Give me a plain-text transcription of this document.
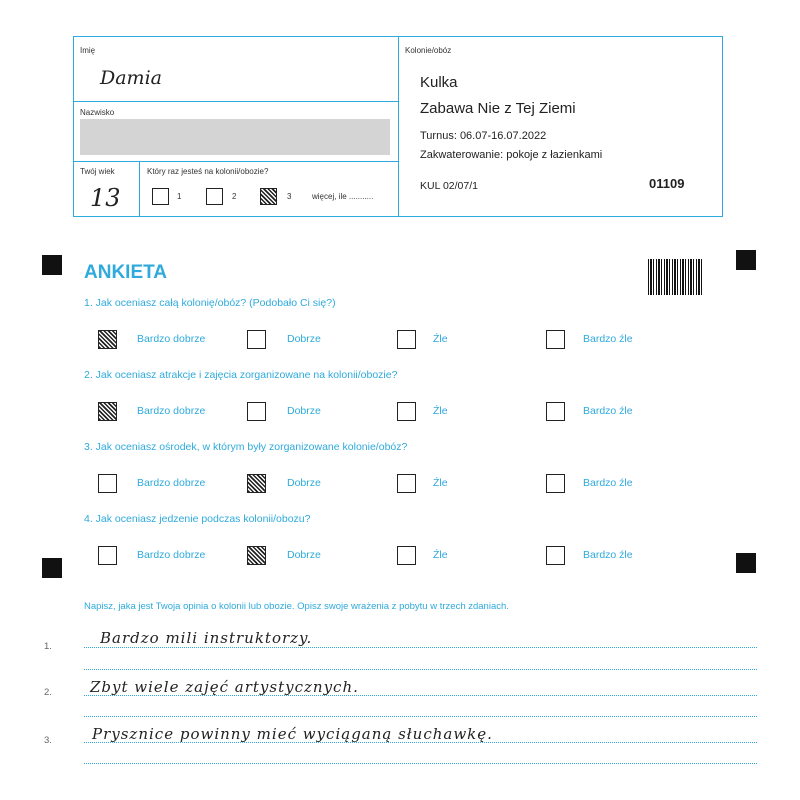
Imię
Damia
Nazwisko
Twój wiek
13
Który raz jesteś na kolonii/obozie?
1	2	3	więcej, ile ...........
Kolonie/obóz
Kulka
Zabawa Nie z Tej Ziemi
Turnus: 06.07-16.07.2022
Zakwaterowanie: pokoje z łazienkami
KUL 02/07/1	01109
ANKIETA
1. Jak oceniasz całą kolonię/obóz? (Podobało Ci się?)
Bardzo dobrze	Dobrze	Źle	Bardzo źle
2. Jak oceniasz atrakcje i zajęcia zorganizowane na kolonii/obozie?
Bardzo dobrze	Dobrze	Źle	Bardzo źle
3. Jak oceniasz ośrodek, w którym były zorganizowane kolonie/obóz?
Bardzo dobrze	Dobrze	Źle	Bardzo źle
4. Jak oceniasz jedzenie podczas kolonii/obozu?
Bardzo dobrze	Dobrze	Źle	Bardzo źle
Napisz, jaka jest Twoja opinia o kolonii lub obozie. Opisz swoje wrażenia z pobytu w trzech zdaniach.
1.	Bardzo mili instruktorzy.
2.	Zbyt wiele zajęć artystycznych.
3.	Prysznice powinny mieć wyciąganą słuchawkę.
